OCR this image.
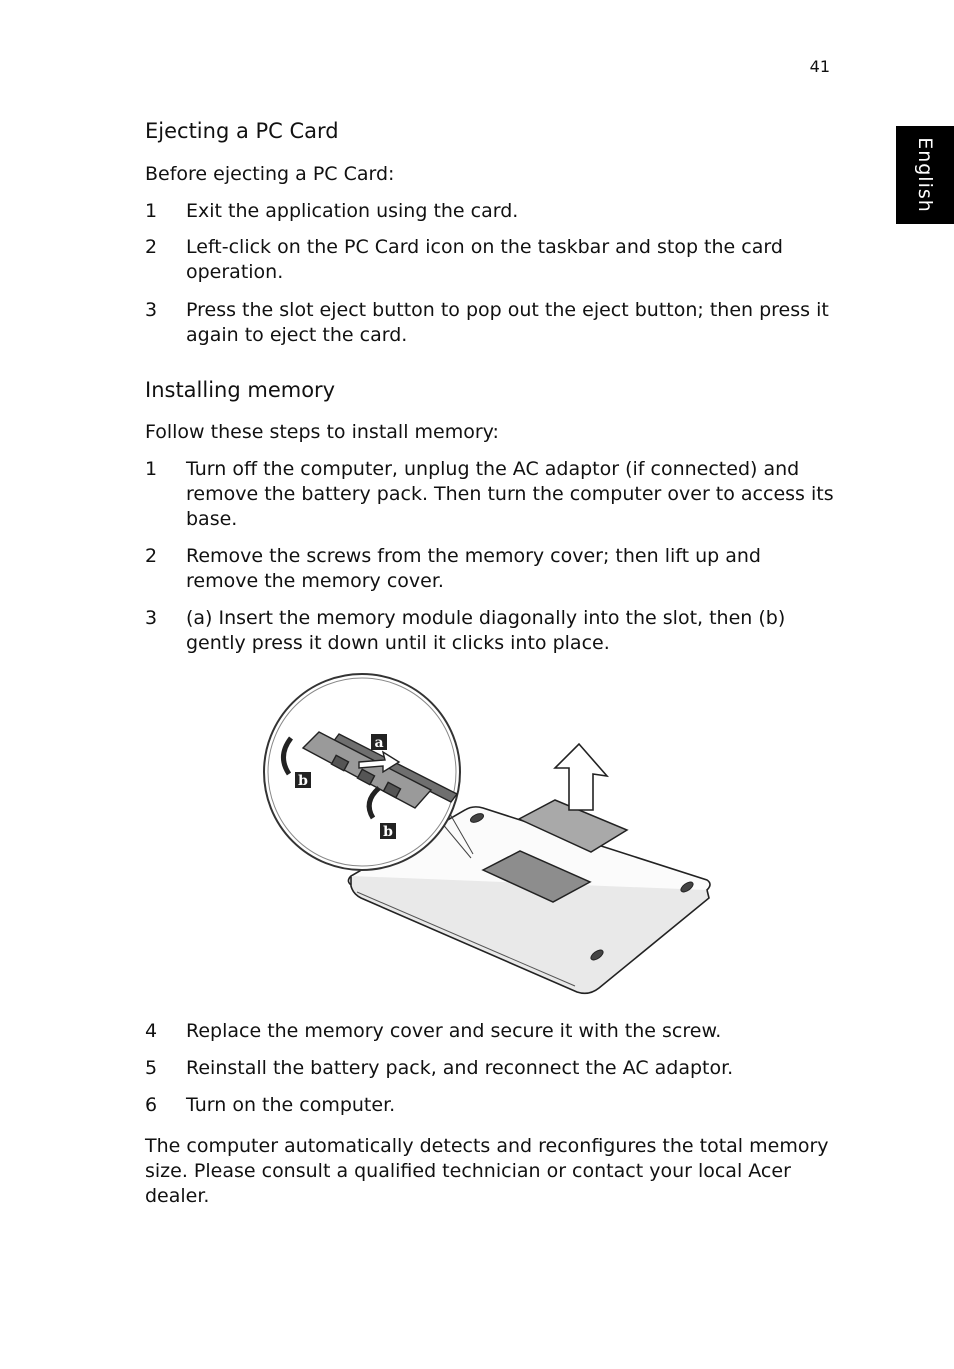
41
English
Ejecting a PC Card

Before ejecting a PC Card:

1 Exit the application using the card.
2 Left-click on the PC Card icon on the taskbar and stop the card operation.
3 Press the slot eject button to pop out the eject button; then press it again to eject the card.
Installing memory

Follow these steps to install memory:

1 Turn off the computer, unplug the AC adaptor (if connected) and remove the battery pack. Then turn the computer over to access its base.
2 Remove the screws from the memory cover; then lift up and remove the memory cover.
3 (a) Insert the memory module diagonally into the slot, then (b) gently press it down until it clicks into place.
a
b
b
4 Replace the memory cover and secure it with the screw.
5 Reinstall the battery pack, and reconnect the AC adaptor.
6 Turn on the computer.

The computer automatically detects and reconfigures the total memory size. Please consult a qualified technician or contact your local Acer dealer.
